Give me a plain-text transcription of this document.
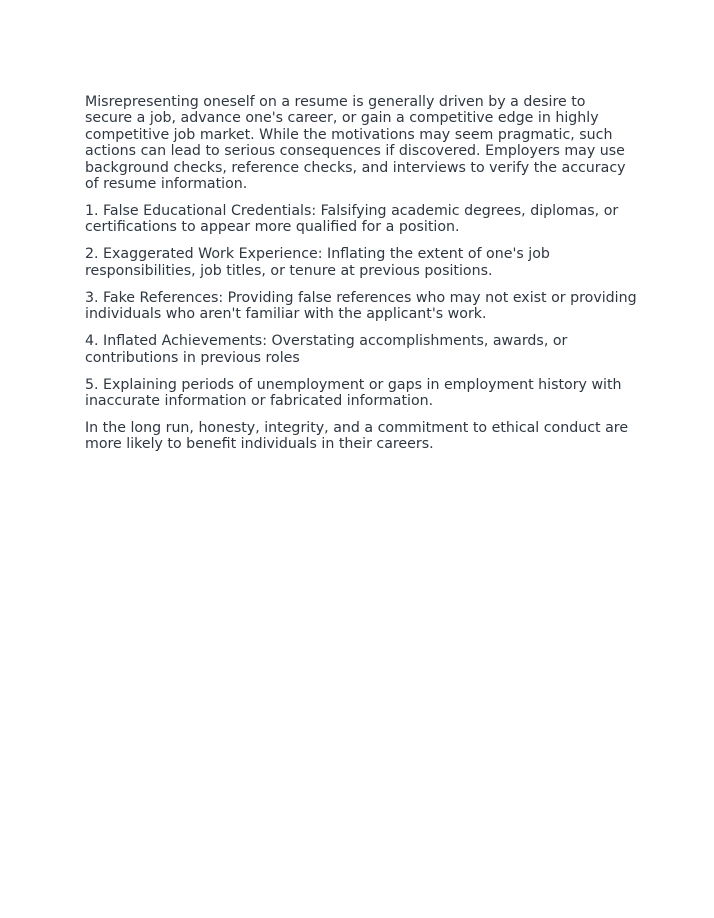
Misrepresenting oneself on a resume is generally driven by a desire to secure a job, advance one's career, or gain a competitive edge in highly competitive job market. While the motivations may seem pragmatic, such actions can lead to serious consequences if discovered. Employers may use background checks, reference checks, and interviews to verify the accuracy of resume information.

1. False Educational Credentials: Falsifying academic degrees, diplomas, or certifications to appear more qualified for a position.

2. Exaggerated Work Experience: Inflating the extent of one's job responsibilities, job titles, or tenure at previous positions.

3. Fake References: Providing false references who may not exist or providing individuals who aren't familiar with the applicant's work.

4. Inflated Achievements: Overstating accomplishments, awards, or contributions in previous roles

5. Explaining periods of unemployment or gaps in employment history with inaccurate information or fabricated information.

In the long run, honesty, integrity, and a commitment to ethical conduct are more likely to benefit individuals in their careers.
